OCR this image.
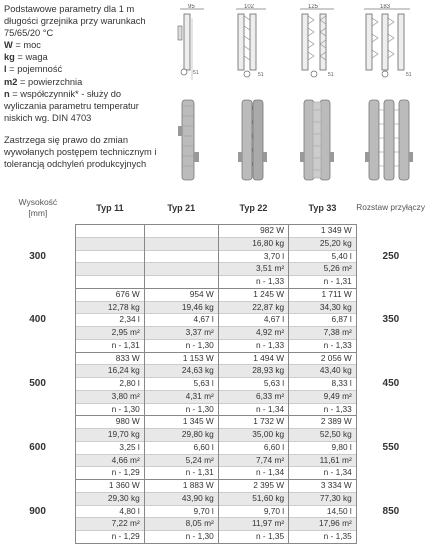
Podstawowe parametry dla 1 m

długości grzejnika przy warunkach

75/65/20 °C

W = moc

kg = waga

l = pojemność

m2 = powierzchnia

n = współczynnik* - służy do

wyliczania parametru temperatur

niskich wg. DIN 4703

Zastrzega się prawo do zmian

wywołanych postępem technicznym i

tolerancją odchyleń produkcyjnych

95
51
102
51
125
51
183
51
Wysokość
[mm]	Typ 11	Typ 21	Typ 22	Typ 33	Rozstaw przyłączy
300			982 W	1 349 W	250
			16,80 kg	25,20 kg	
			3,70 l	5,40 l	
			3,51 m²	5,26 m²	
			n - 1,33	n - 1,31	
400	676 W	954 W	1 245 W	1 711 W	350
	12,78 kg	19,46 kg	22,87 kg	34,30 kg	
	2,34 l	4,67 l	4,67 l	6,87 l	
	2,95 m²	3,37 m²	4,92 m²	7,38 m²	
	n - 1,31	n - 1,30	n - 1,33	n - 1,33	
500	833 W	1 153 W	1 494 W	2 056 W	450
	16,24 kg	24,63 kg	28,93 kg	43,40 kg	
	2,80 l	5,63 l	5,63 l	8,33 l	
	3,80 m²	4,31 m²	6,33 m²	9,49 m²	
	n - 1,30	n - 1,30	n - 1,34	n - 1,33	
600	980 W	1 345 W	1 732 W	2 389 W	550
	19,70 kg	29,80 kg	35,00 kg	52,50 kg	
	3,25 l	6,60 l	6,60 l	9,80 l	
	4,66 m²	5,24 m²	7,74 m²	11,61 m²	
	n - 1,29	n - 1,31	n - 1,34	n - 1,34	
900	1 360 W	1 883 W	2 395 W	3 334 W	850
	29,30 kg	43,90 kg	51,60 kg	77,30 kg	
	4,80 l	9,70 l	9,70 l	14,50 l	
	7,22 m²	8,05 m²	11,97 m²	17,96 m²	
	n - 1,29	n - 1,30	n - 1,35	n - 1,35	
